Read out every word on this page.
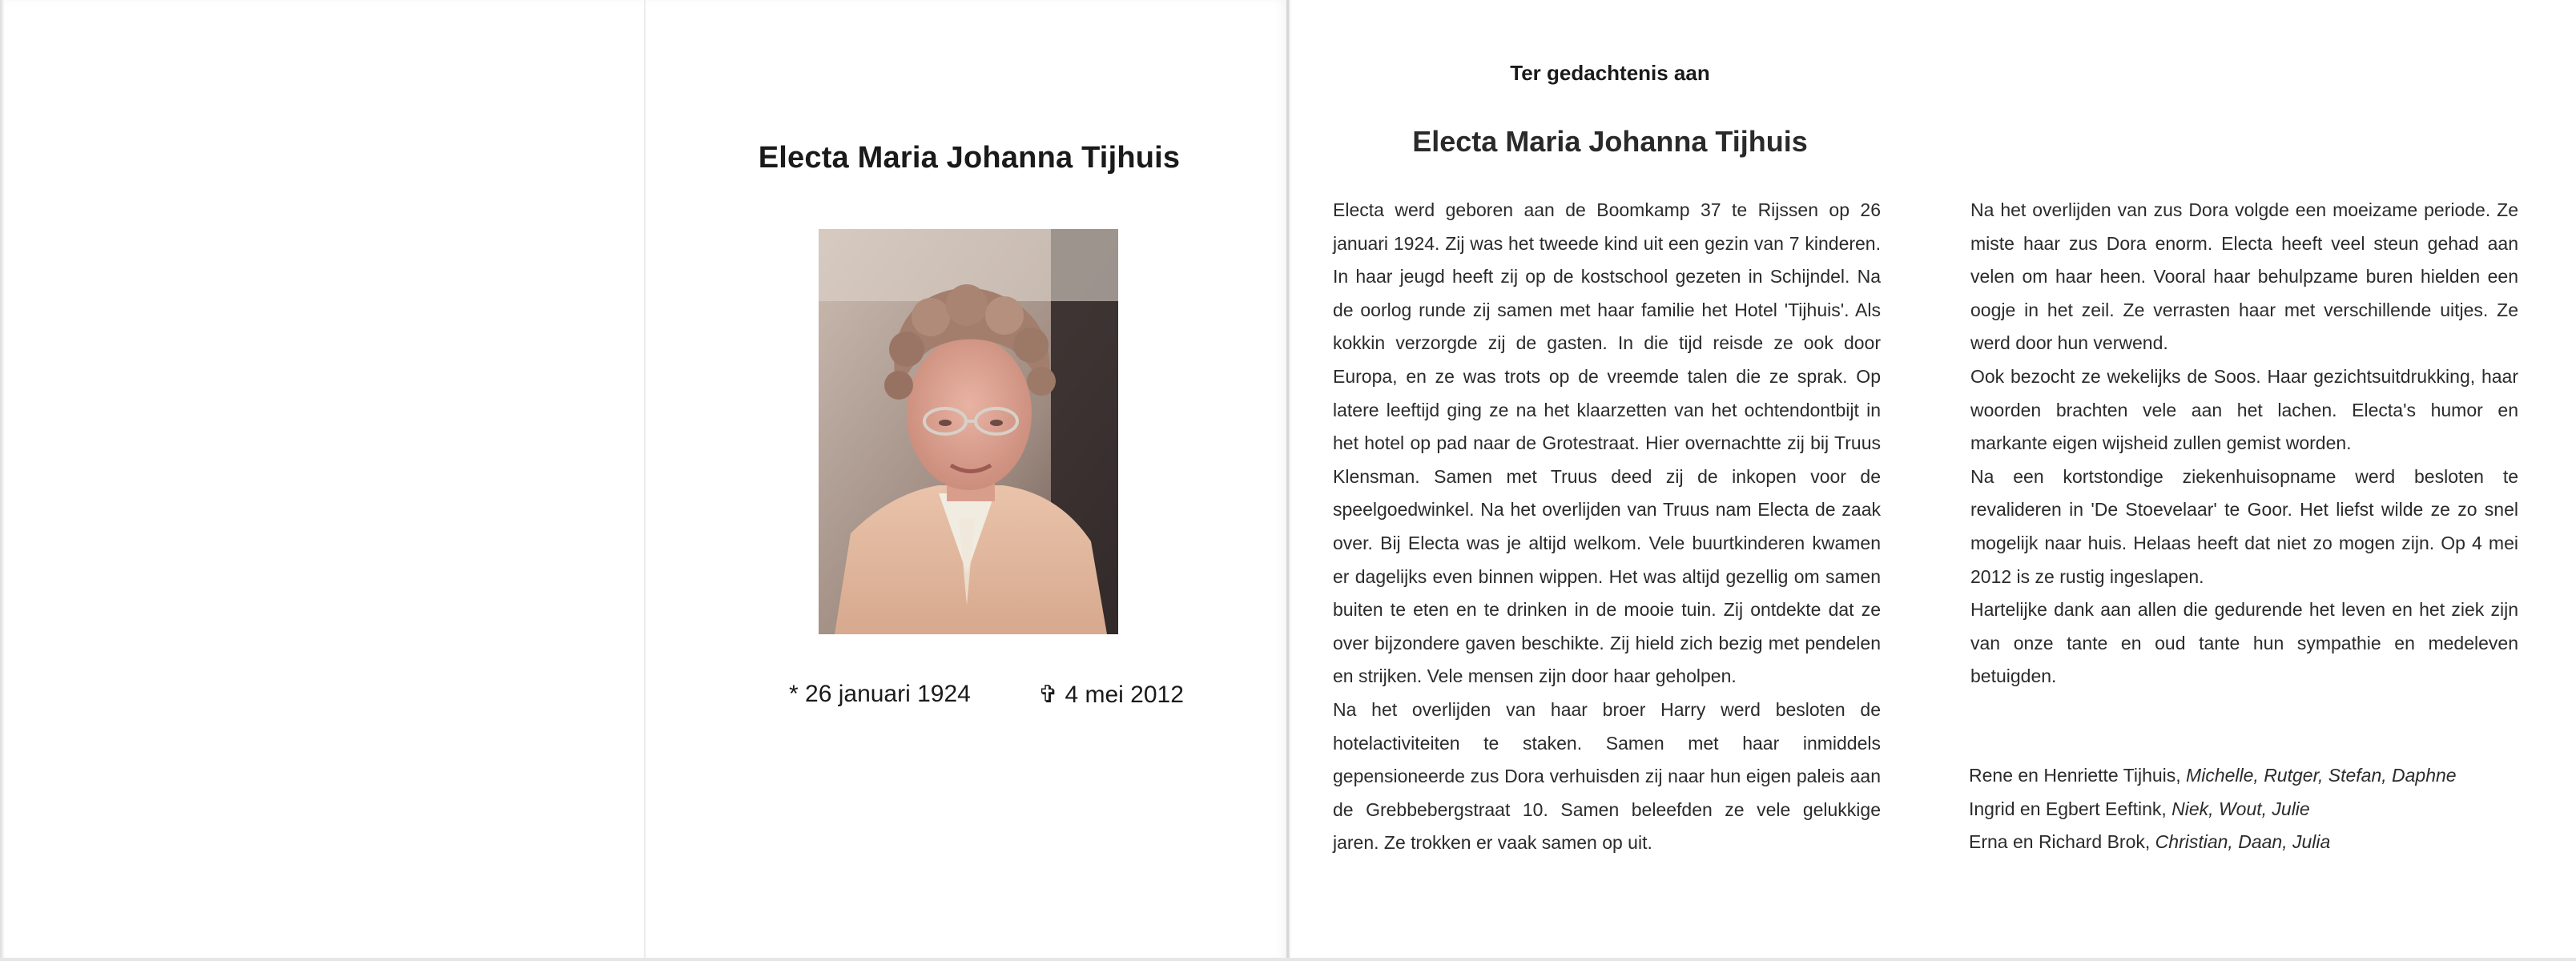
Electa Maria Johanna Tijhuis
* 26 januari 1924	✞ 4 mei 2012
Ter gedachtenis aan
Electa Maria Johanna Tijhuis

Electa werd geboren aan de Boomkamp 37 te Rijssen op 26 januari 1924. Zij was het tweede kind uit een gezin van 7 kinderen. In haar jeugd heeft zij op de kostschool gezeten in Schijndel. Na de oorlog runde zij samen met haar familie het Hotel 'Tijhuis'. Als kokkin verzorgde zij de gasten. In die tijd reisde ze ook door Europa, en ze was trots op de vreemde talen die ze sprak. Op latere leeftijd ging ze na het klaarzetten van het ochtendontbijt in het hotel op pad naar de Grotestraat. Hier overnachtte zij bij Truus Klensman. Samen met Truus deed zij de inkopen voor de speelgoedwinkel. Na het overlijden van Truus nam Electa de zaak over. Bij Electa was je altijd welkom. Vele buurtkinderen kwamen er dagelijks even binnen wippen. Het was altijd gezellig om samen buiten te eten en te drinken in de mooie tuin. Zij ontdekte dat ze over bijzondere gaven beschikte. Zij hield zich bezig met pendelen en strijken. Vele mensen zijn door haar geholpen.

Na het overlijden van haar broer Harry werd besloten de hotelactiviteiten te staken. Samen met haar inmiddels gepensioneerde zus Dora verhuisden zij naar hun eigen paleis aan de Grebbebergstraat 10. Samen beleefden ze vele gelukkige jaren. Ze trokken er vaak samen op uit.

Na het overlijden van zus Dora volgde een moeizame periode. Ze miste haar zus Dora enorm. Electa heeft veel steun gehad aan velen om haar heen. Vooral haar behulpzame buren hielden een oogje in het zeil. Ze verrasten haar met verschillende uitjes. Ze werd door hun verwend.

Ook bezocht ze wekelijks de Soos. Haar gezichtsuitdrukking, haar woorden brachten vele aan het lachen. Electa's humor en markante eigen wijsheid zullen gemist worden.

Na een kortstondige ziekenhuisopname werd besloten te revalideren in 'De Stoevelaar' te Goor. Het liefst wilde ze zo snel mogelijk naar huis. Helaas heeft dat niet zo mogen zijn. Op 4 mei 2012 is ze rustig ingeslapen.

Hartelijke dank aan allen die gedurende het leven en het ziek zijn van onze tante en oud tante hun sympathie en medeleven betuigden.

Rene en Henriette Tijhuis, Michelle, Rutger, Stefan, Daphne
Ingrid en Egbert Eeftink, Niek, Wout, Julie
Erna en Richard Brok, Christian, Daan, Julia
